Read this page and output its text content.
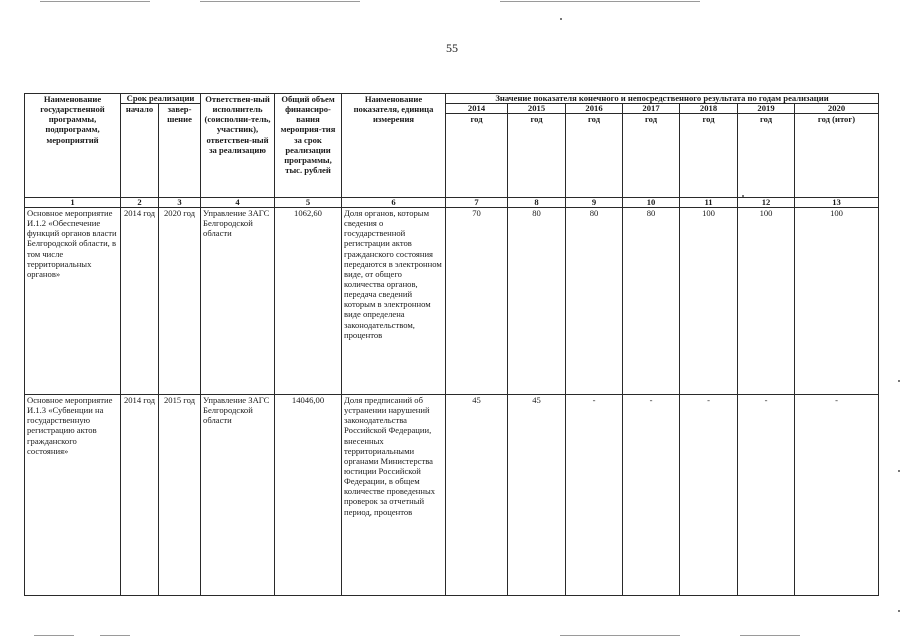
55
Наименование государственной программы, подпрограмм, мероприятий	Срок реализации		Ответствен-ный исполнитель (соисполни-тель, участник), ответствен-ный за реализацию	Общий объем финансиро-вания мероприя-тия за срок реализации программы, тыс. рублей	Наименование показателя, единица измерения	Значение показателя конечного и непосредственного результата по годам реализации						
	начало	завер-шение				2014	2015	2016	2017	2018	2019	2020
						год	год	год	год	год	год	год (итог)
1	2	3	4	5	6	7	8	9	10	11	12	13
Основное мероприятие И.1.2 «Обеспечение функций органов власти Белгородской области, в том числе территориальных органов»	2014 год	2020 год	Управление ЗАГС Белгородской области	1062,60	Доля органов, которым сведения о государственной регистрации актов гражданского состояния передаются в электронном виде, от общего количества органов, передача сведений которым в электронном виде определена законодательством, процентов	70	80	80	80	100	100	100
Основное мероприятие И.1.3 «Субвенции на государственную регистрацию актов гражданского состояния»	2014 год	2015 год	Управление ЗАГС Белгородской области	14046,00	Доля предписаний об устранении нарушений законодательства Российской Федерации, внесенных территориальными органами Министерства юстиции Российской Федерации, в общем количестве проведенных проверок за отчетный период, процентов	45	45	-	-	-	-	-
